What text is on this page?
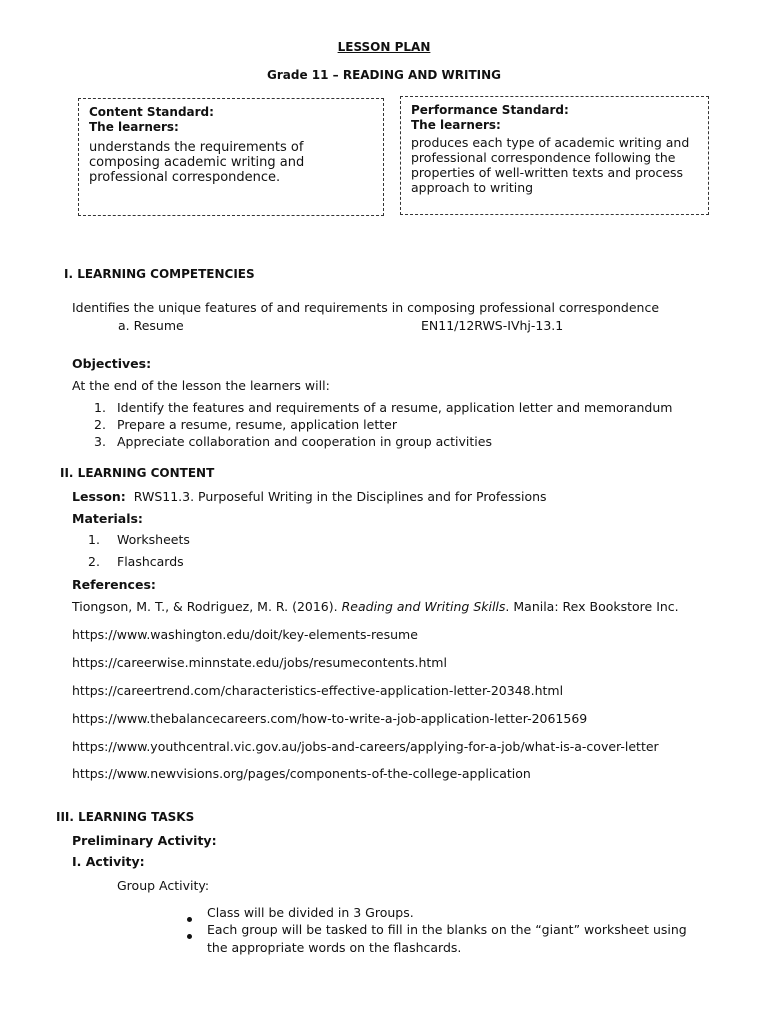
LESSON PLAN
Grade 11 – READING AND WRITING
Content Standard:
The learners:
understands the requirements of composing academic writing and professional correspondence.
Performance Standard:
The learners:
produces each type of academic writing and professional correspondence following the properties of well-written texts and process approach to writing
I. LEARNING COMPETENCIES
Identifies the unique features of and requirements in composing professional correspondence
a. Resume	EN11/12RWS-IVhj-13.1
Objectives:
At the end of the lesson the learners will:
1. Identify the features and requirements of a resume, application letter and memorandum
2. Prepare a resume, resume, application letter
3. Appreciate collaboration and cooperation in group activities
II. LEARNING CONTENT
Lesson: RWS11.3. Purposeful Writing in the Disciplines and for Professions
Materials:
1. Worksheets
2. Flashcards
References:
Tiongson, M. T., & Rodriguez, M. R. (2016). Reading and Writing Skills. Manila: Rex Bookstore Inc.
https://www.washington.edu/doit/key-elements-resume
https://careerwise.minnstate.edu/jobs/resumecontents.html
https://careertrend.com/characteristics-effective-application-letter-20348.html
https://www.thebalancecareers.com/how-to-write-a-job-application-letter-2061569
https://www.youthcentral.vic.gov.au/jobs-and-careers/applying-for-a-job/what-is-a-cover-letter
https://www.newvisions.org/pages/components-of-the-college-application
III. LEARNING TASKS
Preliminary Activity:
I. Activity:
Group Activity:
Class will be divided in 3 Groups.
Each group will be tasked to fill in the blanks on the “giant” worksheet using
the appropriate words on the flashcards.
